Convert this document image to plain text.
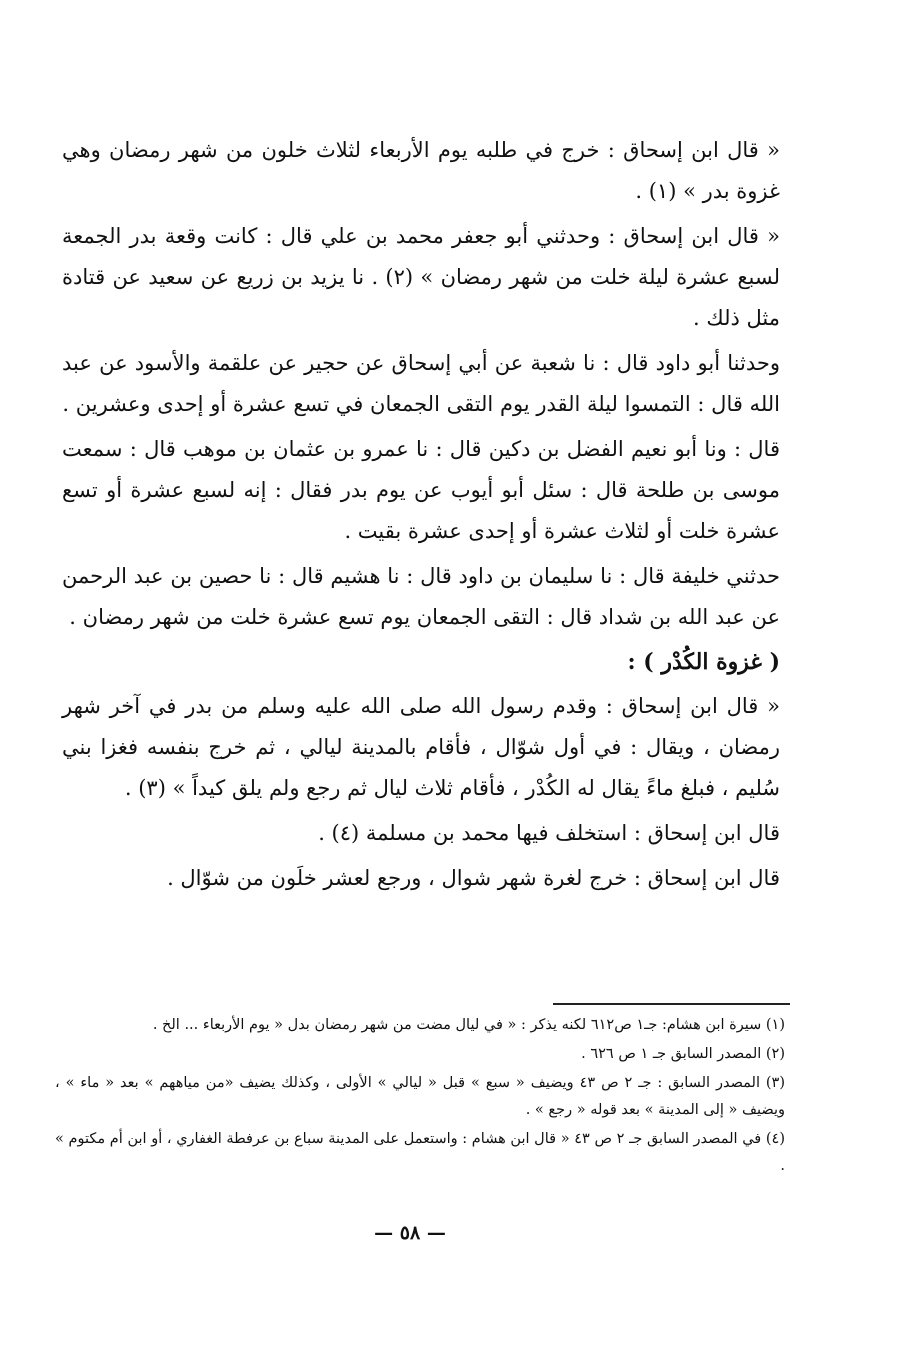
« قال ابن إسحاق : خرج في طلبه يوم الأربعاء لثلاث خلون من شهر رمضان وهي غزوة بدر » (١) .

« قال ابن إسحاق : وحدثني أبو جعفر محمد بن علي قال : كانت وقعة بدر الجمعة لسبع عشرة ليلة خلت من شهر رمضان » (٢) . نا يزيد بن زريع عن سعيد عن قتادة مثل ذلك .

وحدثنا أبو داود قال : نا شعبة عن أبي إسحاق عن حجير عن علقمة والأسود عن عبد الله قال : التمسوا ليلة القدر يوم التقى الجمعان في تسع عشرة أو إحدى وعشرين .

قال : ونا أبو نعيم الفضل بن دكين قال : نا عمرو بن عثمان بن موهب قال : سمعت موسى بن طلحة قال : سئل أبو أيوب عن يوم بدر فقال : إنه لسبع عشرة أو تسع عشرة خلت أو لثلاث عشرة أو إحدى عشرة بقيت .

حدثني خليفة قال : نا سليمان بن داود قال : نا هشيم قال : نا حصين بن عبد الرحمن عن عبد الله بن شداد قال : التقى الجمعان يوم تسع عشرة خلت من شهر رمضان .

( غزوة الكُدْر ) :

« قال ابن إسحاق : وقدم رسول الله صلى الله عليه وسلم من بدر في آخر شهر رمضان ، ويقال : في أول شوّال ، فأقام بالمدينة ليالي ، ثم خرج بنفسه فغزا بني سُليم ، فبلغ ماءً يقال له الكُدْر ، فأقام ثلاث ليال ثم رجع ولم يلق كيداً » (٣) .

قال ابن إسحاق : استخلف فيها محمد بن مسلمة (٤) .

قال ابن إسحاق : خرج لغرة شهر شوال ، ورجع لعشر خلَون من شوّال .

(١) سيرة ابن هشام: جـ١ ص٦١٢ لكنه يذكر : « في ليال مضت من شهر رمضان بدل « يوم الأربعاء ... الخ .

(٢) المصدر السابق جـ ١ ص ٦٢٦ .

(٣) المصدر السابق : جـ ٢ ص ٤٣ ويضيف « سبع » قبل « ليالي » الأولى ، وكذلك يضيف «من مياههم » بعد « ماء » ، ويضيف « إلى المدينة » بعد قوله « رجع » .

(٤) في المصدر السابق جـ ٢ ص ٤٣ « قال ابن هشام : واستعمل على المدينة سباع بن عرفطة الغفاري ، أو ابن أم مكتوم » .

— ٥٨ —
